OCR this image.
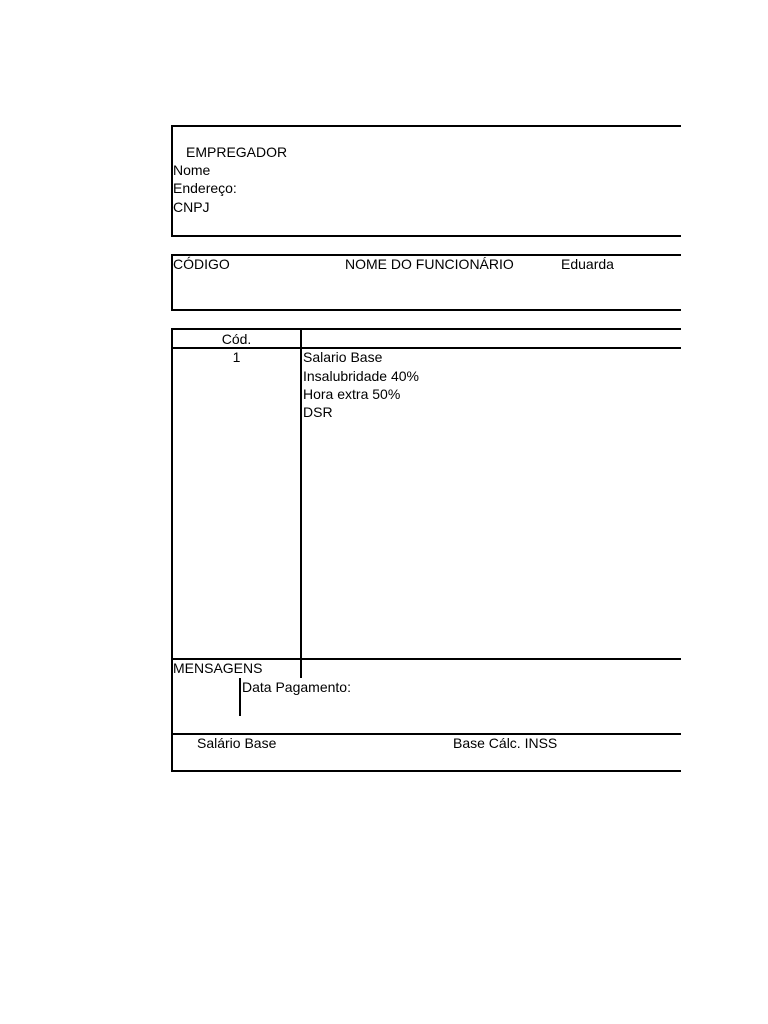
EMPREGADOR
Nome
Endereço:
CNPJ
CÓDIGO	NOME DO FUNCIONÁRIO	Eduarda
Cód.
1	Salario Base
Insalubridade 40%
Hora extra 50%
DSR
MENSAGENS
Data Pagamento:
Salário Base	Base Cálc. INSS
